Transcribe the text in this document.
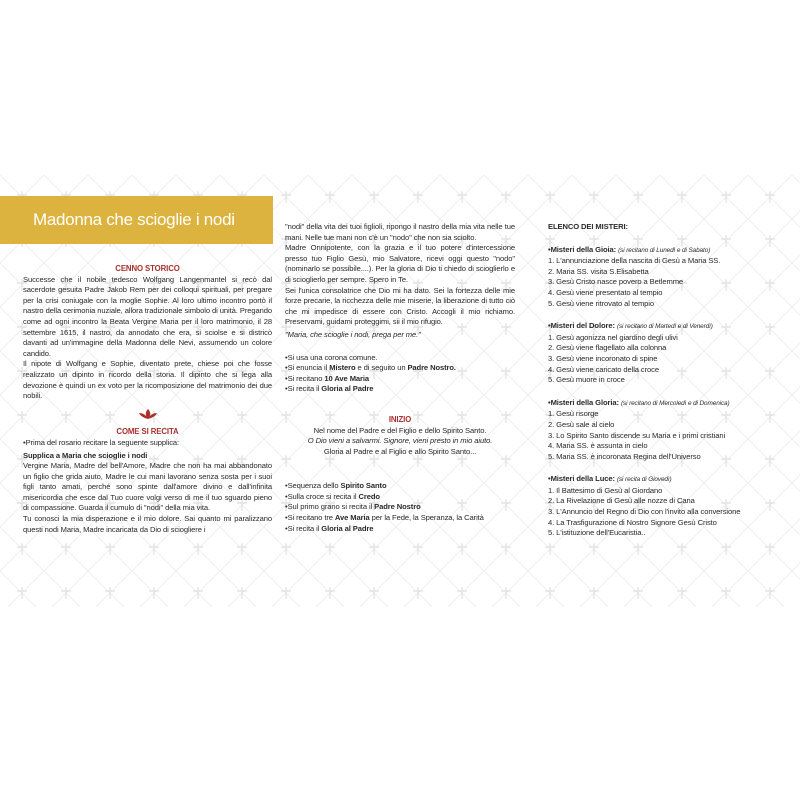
Madonna che scioglie i nodi

CENNO STORICO

Successe che il nobile tedesco Wolfgang Langenmantel si recò dal sacerdote gesuita Padre Jakob Rem per dei colloqui spirituali, per pregare per la crisi coniugale con la moglie Sophie. Al loro ultimo incontro portò il nastro della cerimonia nuziale, allora tradizionale simbolo di unità. Pregando come ad ogni incontro la Beata Vergine Maria per il loro matrimonio, il 28 settembre 1615, il nastro, da annodato che era, si sciolse e si districò davanti ad un'immagine della Madonna delle Nevi, assumendo un colore candido.

Il nipote di Wolfgang e Sophie, diventato prete, chiese poi che fosse realizzato un dipinto in ricordo della storia. Il dipinto che si lega alla devozione è quindi un ex voto per la ricomposizione del matrimonio dei due nobili.

COME SI RECITA

• Prima del rosario recitare la seguente supplica:

Supplica a Maria che scioglie i nodi

Vergine Maria, Madre del bell'Amore, Madre che non ha mai abbandonato un figlio che grida aiuto, Madre le cui mani lavorano senza sosta per i suoi figli tanto amati, perché sono spinte dall'amore divino e dall'infinita misericordia che esce dal Tuo cuore volgi verso di me il tuo sguardo pieno di compassione. Guarda il cumulo di "nodi" della mia vita.

Tu conosci la mia disperazione e il mio dolore. Sai quanto mi paralizzano questi nodi Maria, Madre incaricata da Dio di sciogliere i

"nodi" della vita dei tuoi figlioli, ripongo il nastro della mia vita nelle tue mani. Nelle tue mani non c'è un "nodo" che non sia sciolto.

Madre Onnipotente, con la grazia e il tuo potere d'intercessione presso tuo Figlio Gesù, mio Salvatore, ricevi oggi questo "nodo" (nominarlo se possibile....). Per la gloria di Dio ti chiedo di scioglierlo e di scioglierlo per sempre. Spero in Te.

Sei l'unica consolatrice che Dio mi ha dato. Sei la fortezza delle mie forze precarie, la ricchezza delle mie miserie, la liberazione di tutto ciò che mi impedisce di essere con Cristo. Accogli il mio richiamo. Preservami, guidami proteggimi, sii il mio rifugio.

"Maria, che scioglie i nodi, prega per me."

• Si usa una corona comune.
• Si enuncia il Mistero e di seguito un Padre Nostro.
• Si recitano 10 Ave Maria
• Si recita il Gloria al Padre

INIZIO

Nel nome del Padre e del Figlio e dello Spirito Santo.

O Dio vieni a salvarmi. Signore, vieni presto in mio aiuto.

Gloria al Padre e al Figlio e allo Spirito Santo...

• Sequenza dello Spirito Santo
• Sulla croce si recita il Credo
• Sul primo grano si recita il Padre Nostro
• Si recitano tre Ave Maria per la Fede, la Speranza, la Carità
• Si recita il Gloria al Padre

ELENCO DEI MISTERI:

• Misteri della Gioia: (si recitano di Lunedì e di Sabato)

1. L'annunciazione della nascita di Gesù a Maria SS.
2. Maria SS. visita S.Elisabetta
3. Gesù Cristo nasce povero a Betlemme
4. Gesù viene presentato al tempio
5. Gesù viene ritrovato al tempio

• Misteri del Dolore: (si recitano di Martedì e di Venerdì)

1. Gesù agonizza nel giardino degli ulivi
2. Gesù viene flagellato alla colonna
3. Gesù viene incoronato di spine
4. Gesù viene caricato della croce
5. Gesù muore in croce

• Misteri della Gloria: (si recitano di Mercoledì e di Domenica)

1. Gesù risorge
2. Gesù sale al cielo
3. Lo Spirito Santo discende su Maria e i primi cristiani
4. Maria SS. è assunta in cielo
5. Maria SS. è incoronata Regina dell'Universo

• Misteri della Luce: (si recita di Giovedì)

1. Il Battesimo di Gesù al Giordano
2. La Rivelazione di Gesù alle nozze di Cana
3. L'Annuncio del Regno di Dio con l'invito alla conversione
4. La Trasfigurazione di Nostro Signore Gesù Cristo
5. L'istituzione dell'Eucaristia..
